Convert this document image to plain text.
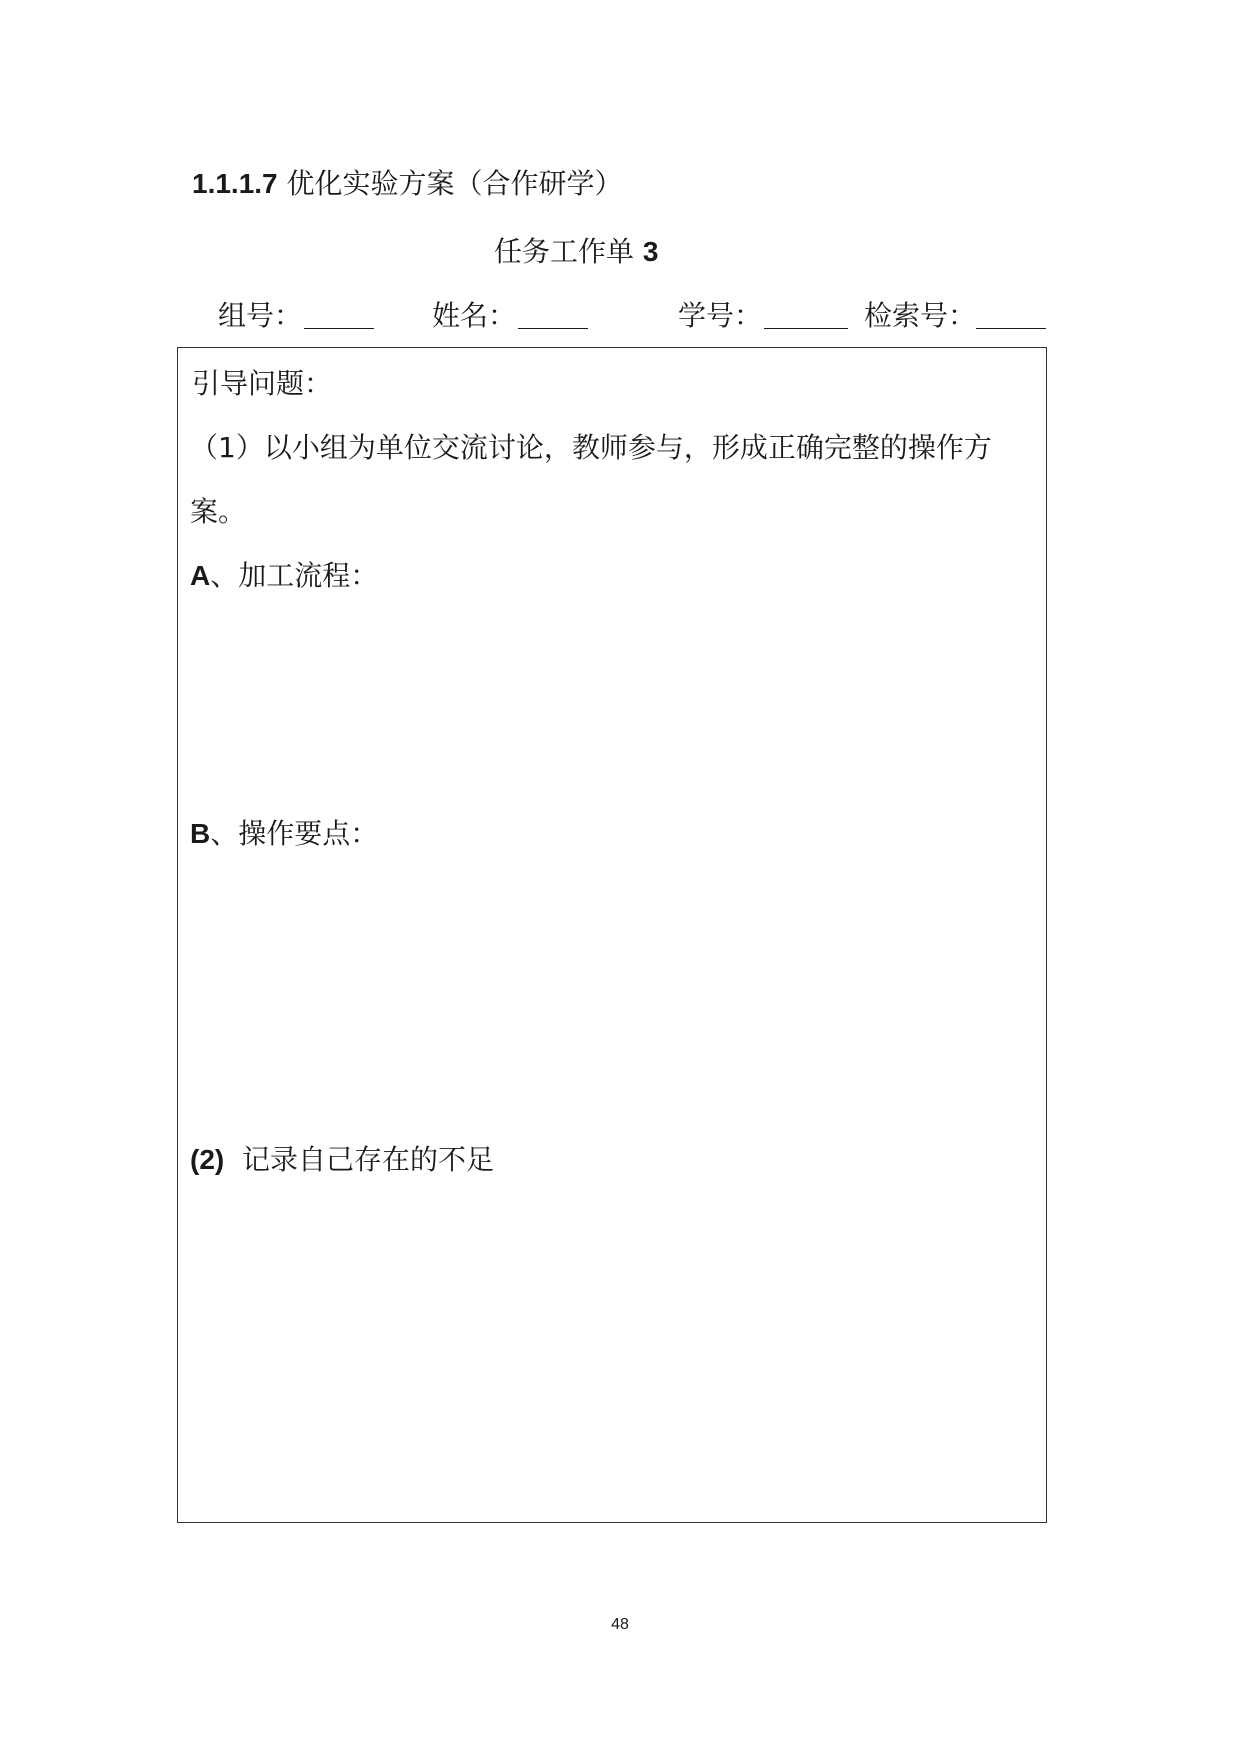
1.1.1.7 优化实验方案（合作研学）
任务工作单 3
组号：	姓名：	学号：	检索号：
引导问题：
（1）以小组为单位交流讨论，教师参与，形成正确完整的操作方
案。
A、加工流程：
B、操作要点：
(2) 记录自己存在的不足
48
